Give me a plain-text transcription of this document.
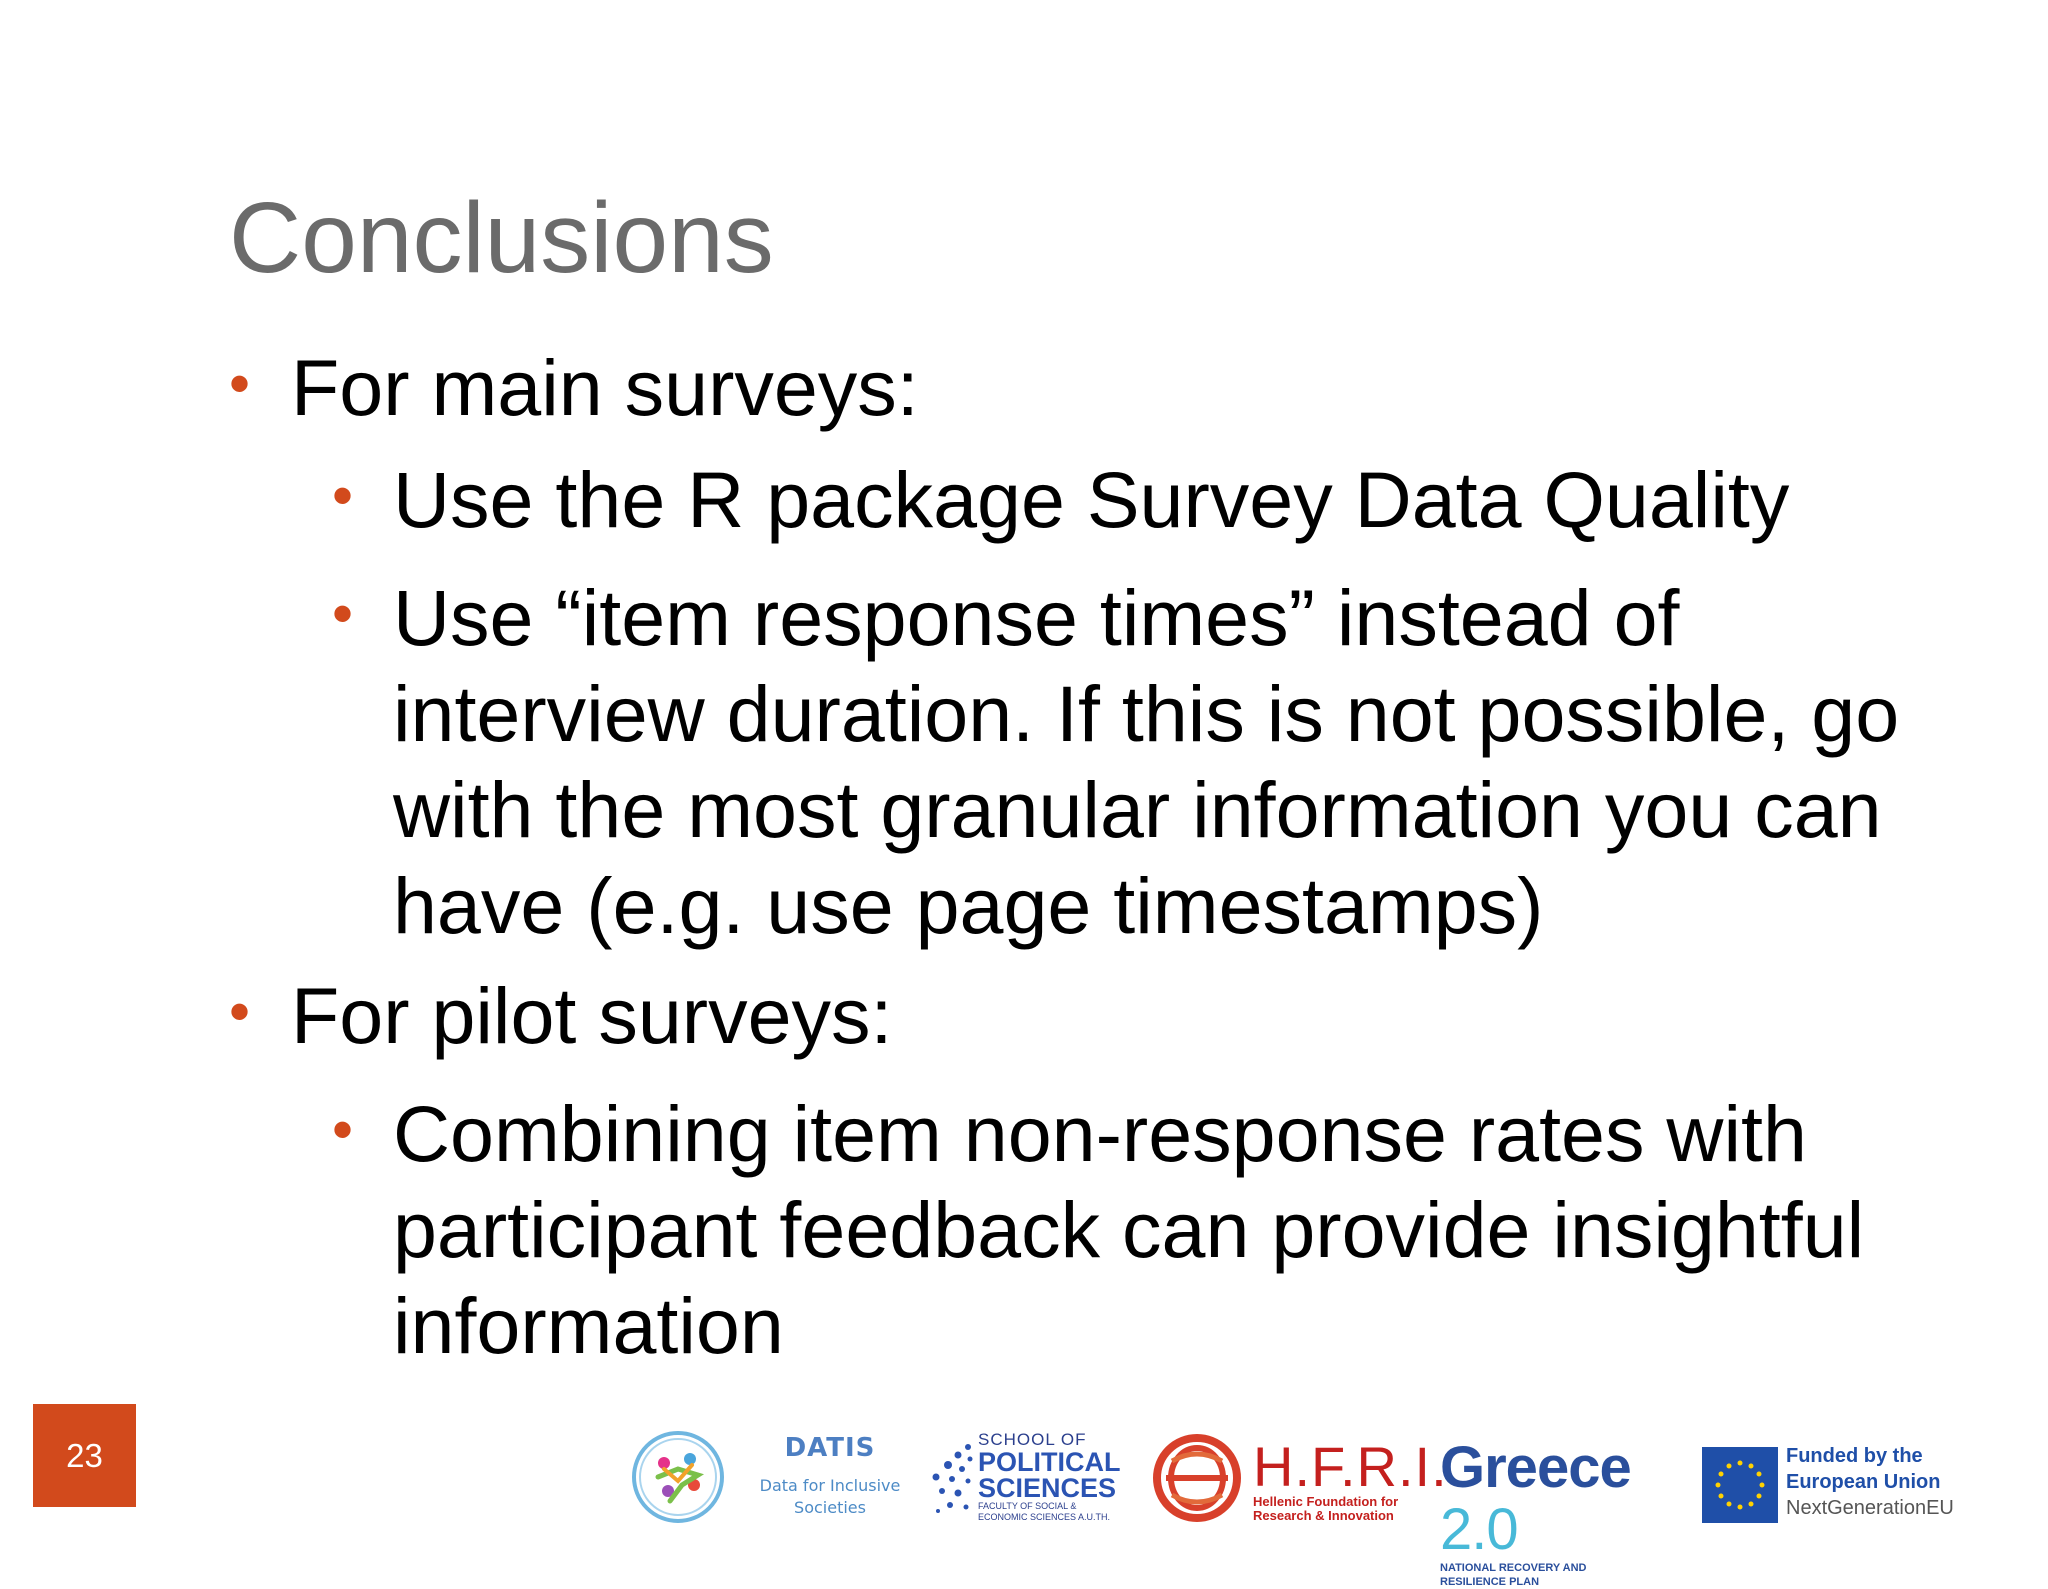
Conclusions
• For main surveys:
• Use the R package Survey Data Quality
• Use “item response times” instead of interview duration. If this is not possible, go with the most granular information you can have (e.g. use page timestamps)
• For pilot surveys:
• Combining item non-response rates with participant feedback can provide insightful information
23	DATIS
Data for Inclusive
Societies
SCHOOL OF
POLITICAL
SCIENCES
FACULTY OF SOCIAL &
ECONOMIC SCIENCES A.U.TH.
H.F.R.I.
Hellenic Foundation for
Research & Innovation
Greece 2.0
NATIONAL RECOVERY AND RESILIENCE PLAN
Funded by the
European Union
NextGenerationEU
